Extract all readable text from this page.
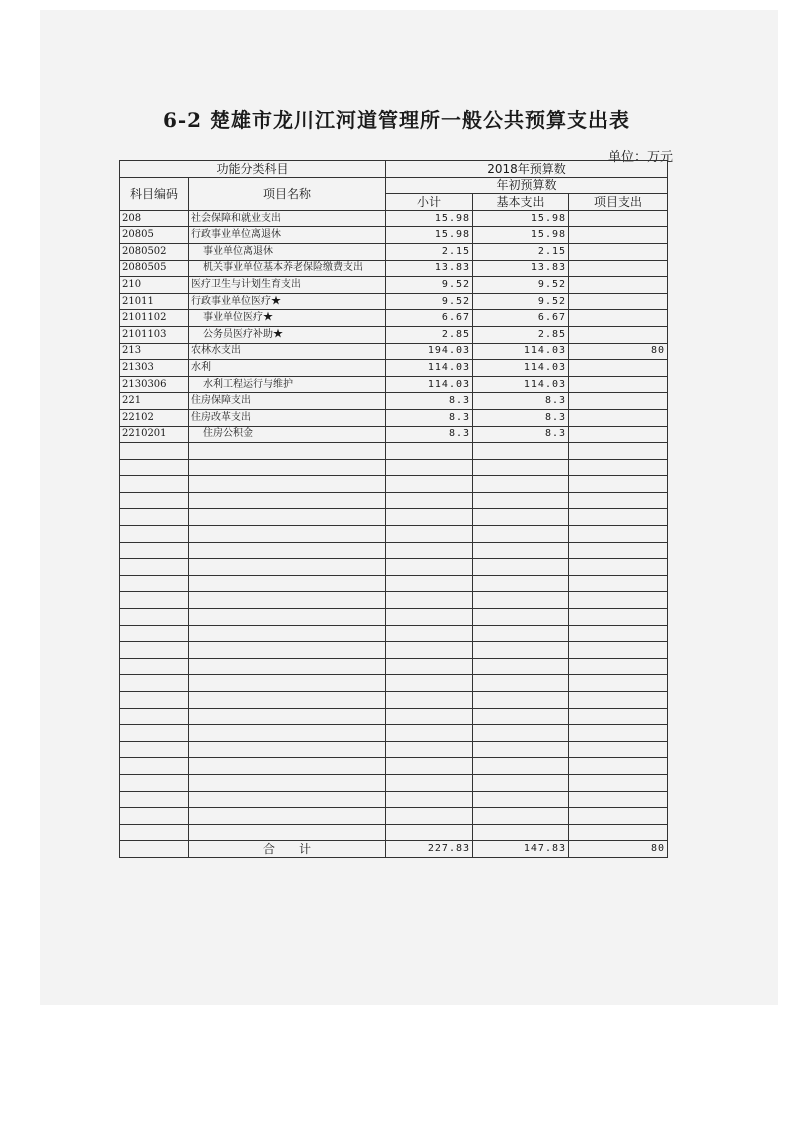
6-2 楚雄市龙川江河道管理所一般公共预算支出表
单位：万元
功能分类科目		2018年预算数		
科目编码	项目名称	年初预算数		
		小计	基本支出	项目支出
208	社会保障和就业支出	15.98	15.98	
20805	行政事业单位离退休	15.98	15.98	
2080502	事业单位离退休	2.15	2.15	
2080505	机关事业单位基本养老保险缴费支出	13.83	13.83	
210	医疗卫生与计划生育支出	9.52	9.52	
21011	行政事业单位医疗★	9.52	9.52	
2101102	事业单位医疗★	6.67	6.67	
2101103	公务员医疗补助★	2.85	2.85	
213	农林水支出	194.03	114.03	80
21303	水利	114.03	114.03	
2130306	水利工程运行与维护	114.03	114.03	
221	住房保障支出	8.3	8.3	
22102	住房改革支出	8.3	8.3	
2210201	住房公积金	8.3	8.3	

	合　　计	227.83	147.83	80
